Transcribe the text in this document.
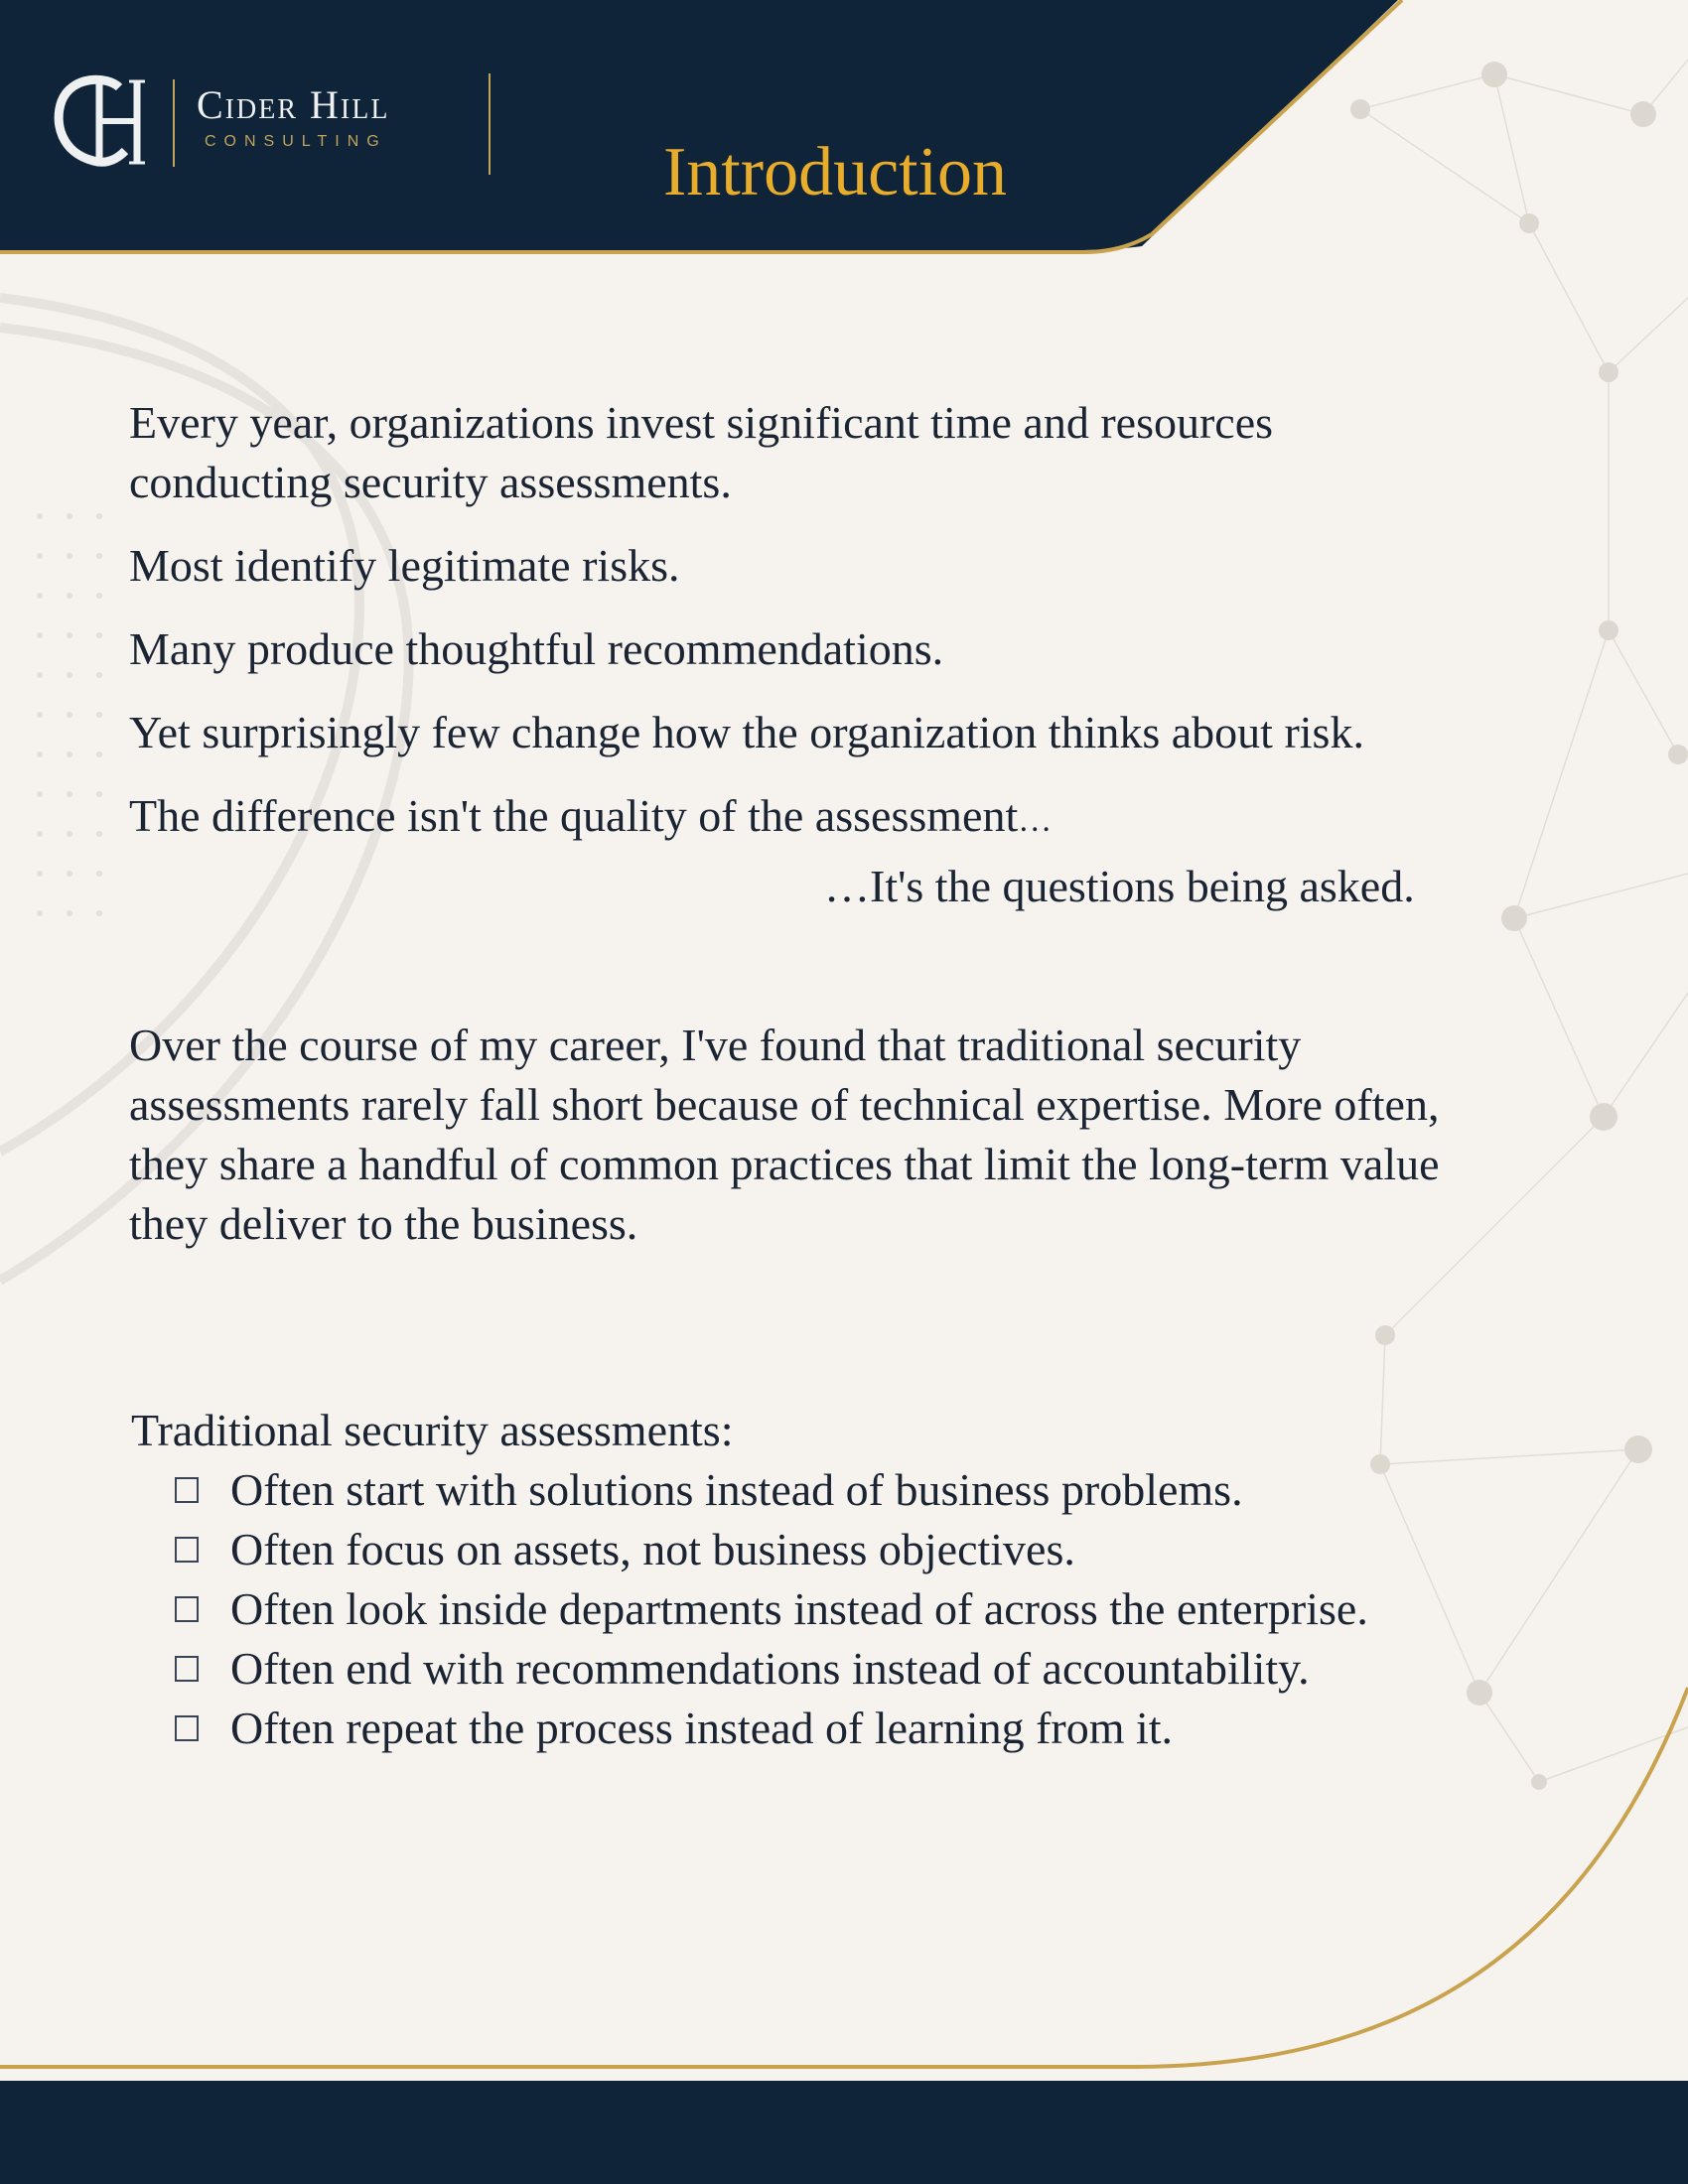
Cider Hill
CONSULTING	Introduction

Every year, organizations invest significant time and resources conducting security assessments.

Most identify legitimate risks.

Many produce thoughtful recommendations.

Yet surprisingly few change how the organization thinks about risk.

The difference isn't the quality of the assessment…

…It's the questions being asked.

Over the course of my career, I've found that traditional security assessments rarely fall short because of technical expertise. More often, they share a handful of common practices that limit the long-term value they deliver to the business.

Traditional security assessments:

Often start with solutions instead of business problems.
Often focus on assets, not business objectives.
Often look inside departments instead of across the enterprise.
Often end with recommendations instead of accountability.
Often repeat the process instead of learning from it.
